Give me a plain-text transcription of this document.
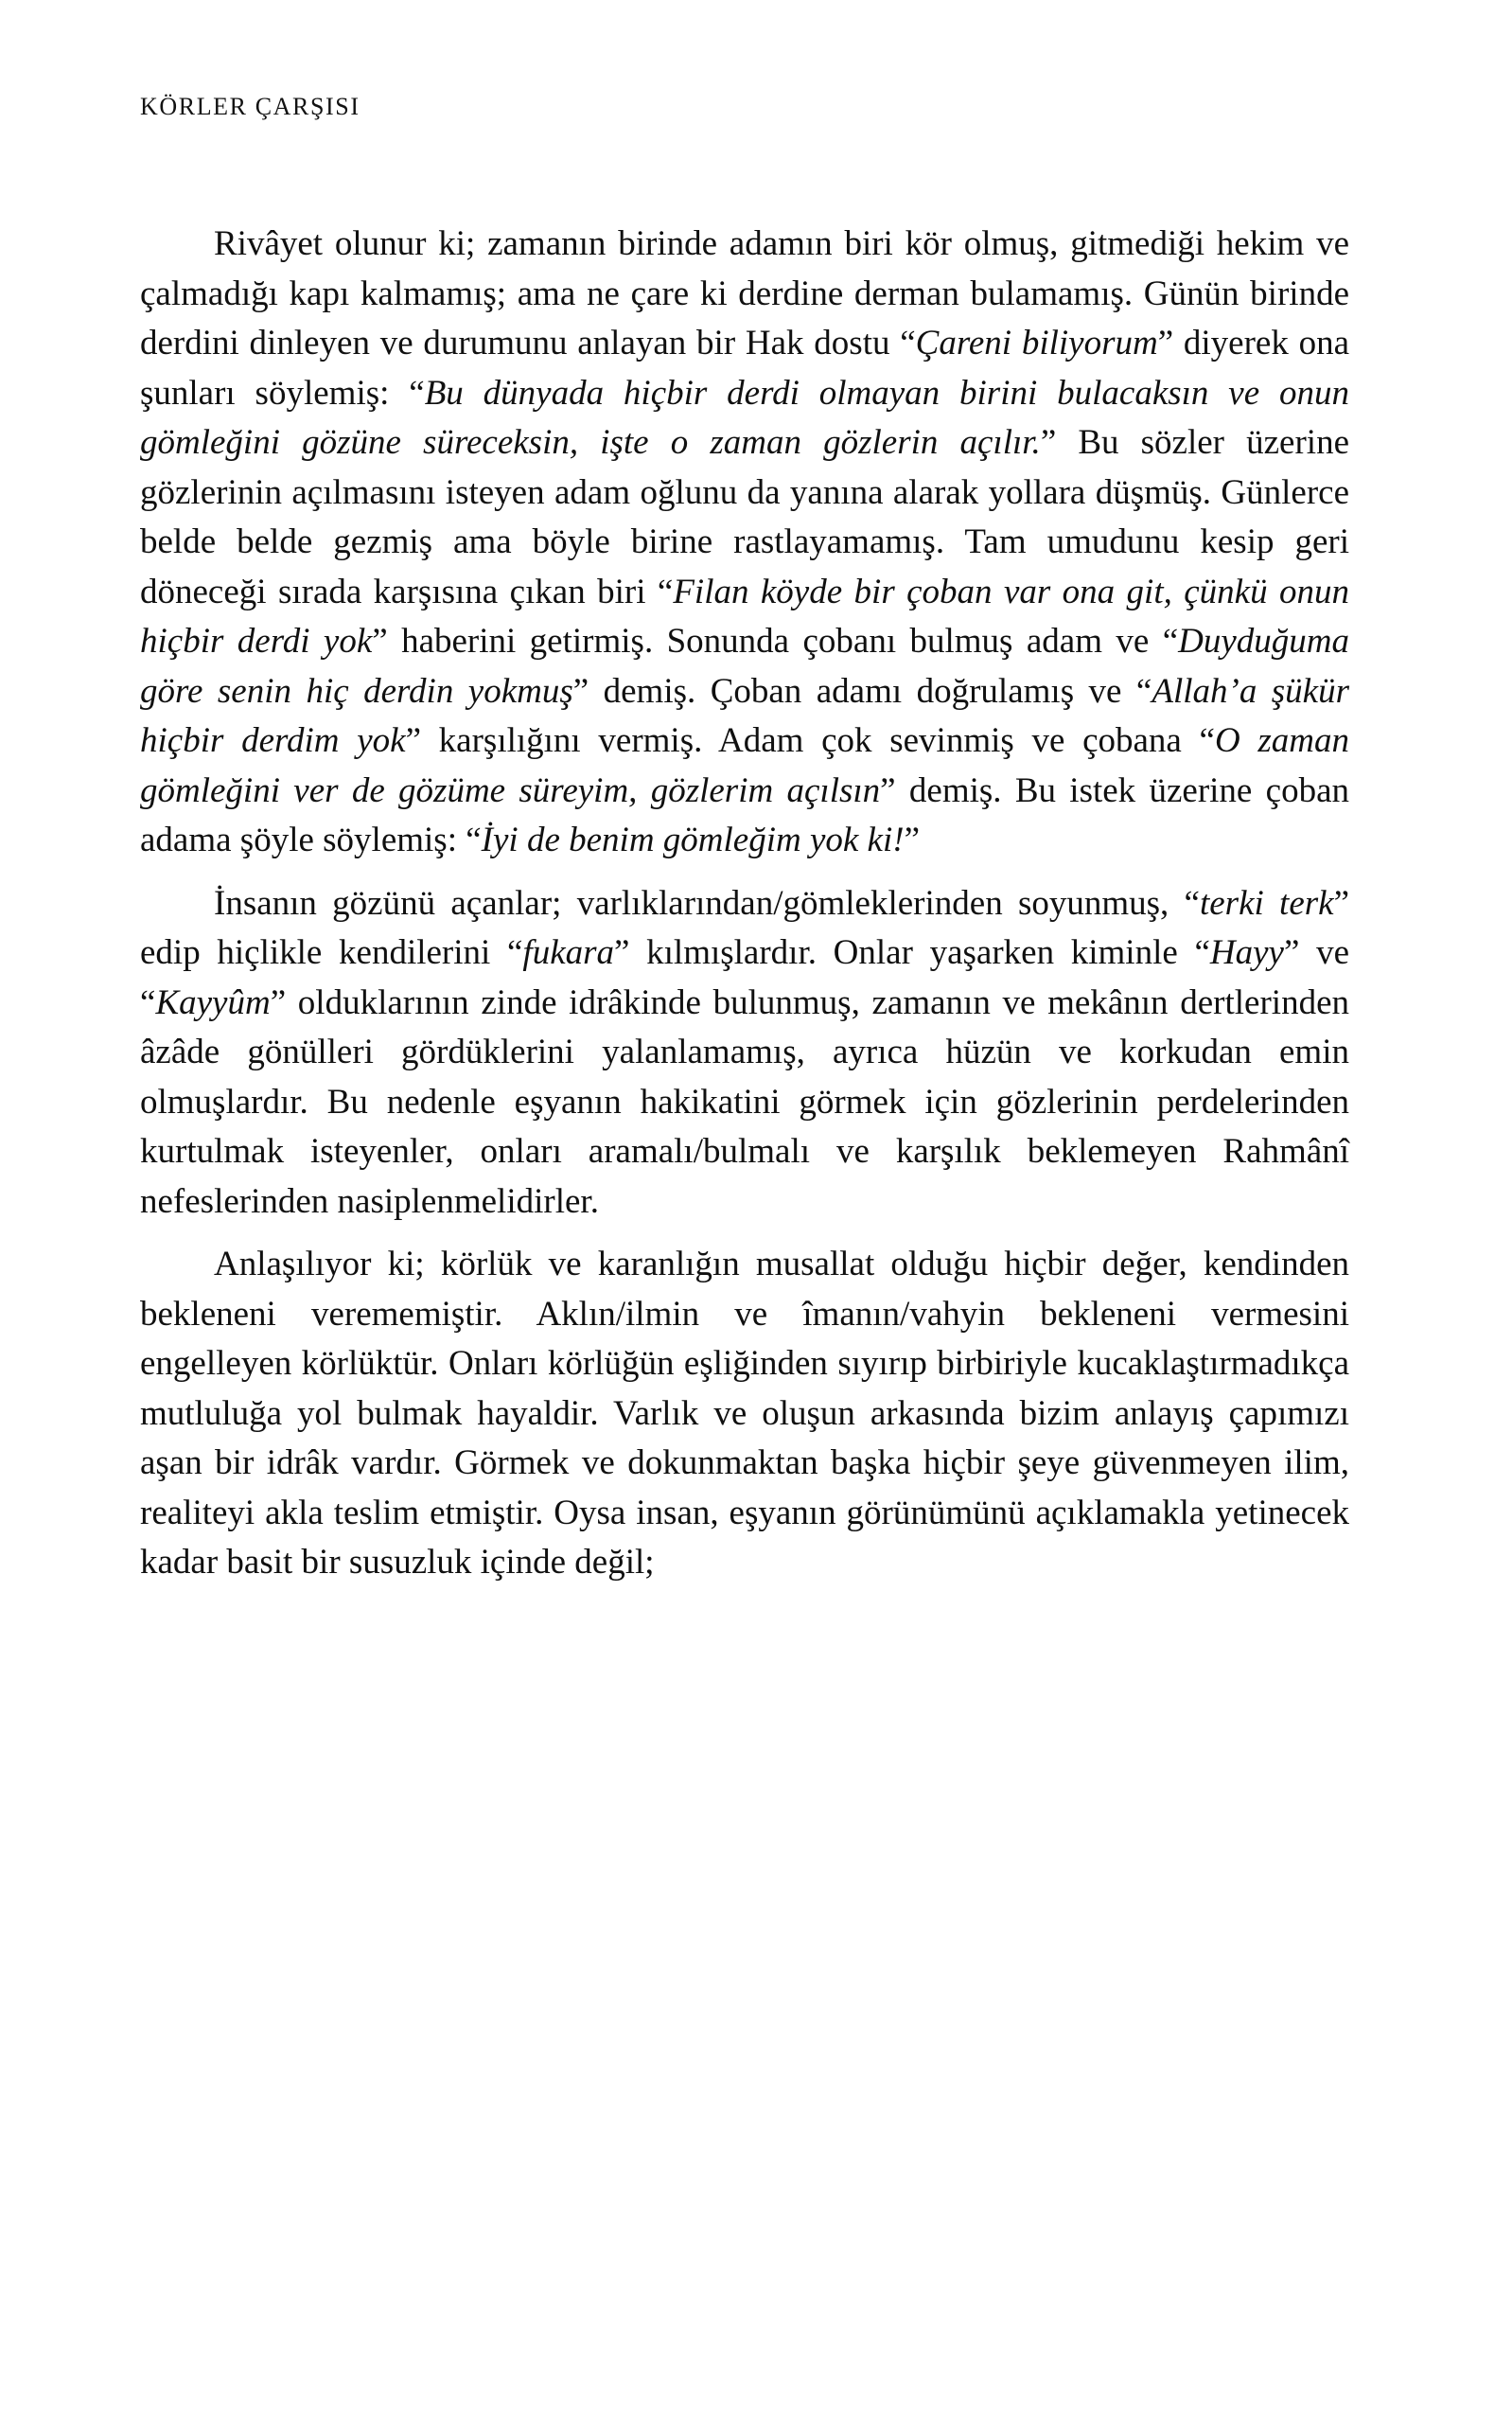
KÖRLER ÇARŞISI

Rivâyet olunur ki; zamanın birinde adamın biri kör olmuş, gitmediği hekim ve çalmadığı kapı kalmamış; ama ne çare ki derdine derman bulamamış. Günün birinde derdini dinleyen ve durumunu anlayan bir Hak dostu “Çareni biliyorum” diyerek ona şunları söylemiş: “Bu dünyada hiçbir derdi olmayan birini bulacaksın ve onun gömleğini gözüne süreceksin, işte o zaman gözlerin açılır.” Bu sözler üzerine gözlerinin açılmasını isteyen adam oğlunu da yanına alarak yollara düşmüş. Günlerce belde belde gezmiş ama böyle birine rastlayamamış. Tam umudunu kesip geri döneceği sırada karşısına çıkan biri “Filan köyde bir çoban var ona git, çünkü onun hiçbir derdi yok” haberini getirmiş. Sonunda çobanı bulmuş adam ve “Duyduğuma göre senin hiç derdin yokmuş” demiş. Çoban adamı doğrulamış ve “Allah’a şükür hiçbir derdim yok” karşılığını vermiş. Adam çok sevinmiş ve çobana “O zaman gömleğini ver de gözüme süreyim, gözlerim açılsın” demiş. Bu istek üzerine çoban adama şöyle söylemiş: “İyi de benim gömleğim yok ki!”

İnsanın gözünü açanlar; varlıklarından/gömleklerinden soyunmuş, “terki terk” edip hiçlikle kendilerini “fukara” kılmışlardır. Onlar yaşarken kiminle “Hayy” ve “Kayyûm” olduklarının zinde idrâkinde bulunmuş, zamanın ve mekânın dertlerinden âzâde gönülleri gördüklerini yalanlamamış, ayrıca hüzün ve korkudan emin olmuşlardır. Bu nedenle eşyanın hakikatini görmek için gözlerinin perdelerinden kurtulmak isteyenler, onları aramalı/bulmalı ve karşılık beklemeyen Rahmânî nefeslerinden nasiplenmelidirler.

Anlaşılıyor ki; körlük ve karanlığın musallat olduğu hiçbir değer, kendinden bekleneni verememiştir. Aklın/ilmin ve îmanın/vahyin bekleneni vermesini engelleyen körlüktür. Onları körlüğün eşliğinden sıyırıp birbiriyle kucaklaştırmadıkça mutluluğa yol bulmak hayaldir. Varlık ve oluşun arkasında bizim anlayış çapımızı aşan bir idrâk vardır. Görmek ve dokunmaktan başka hiçbir şeye güvenmeyen ilim, realiteyi akla teslim etmiştir. Oysa insan, eşyanın görünümünü açıklamakla yetinecek kadar basit bir susuzluk içinde değil;
